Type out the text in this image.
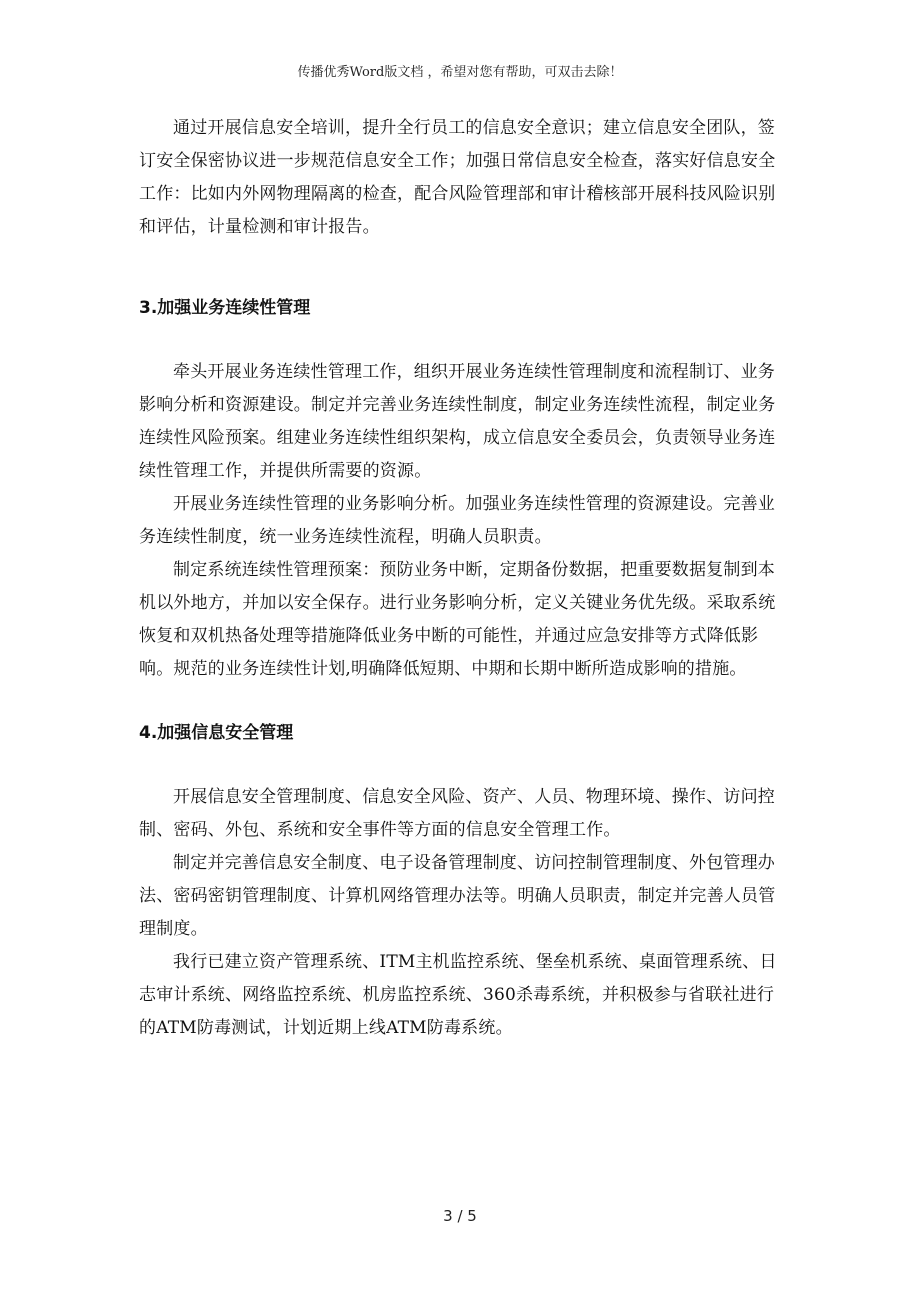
传播优秀Word版文档 ，希望对您有帮助，可双击去除！

通过开展信息安全培训，提升全行员工的信息安全意识；建立信息安全团队，签订安全保密协议进一步规范信息安全工作；加强日常信息安全检查，落实好信息安全工作：比如内外网物理隔离的检查，配合风险管理部和审计稽核部开展科技风险识别和评估，计量检测和审计报告。

3.加强业务连续性管理

牵头开展业务连续性管理工作，组织开展业务连续性管理制度和流程制订、业务影响分析和资源建设。制定并完善业务连续性制度，制定业务连续性流程，制定业务连续性风险预案。组建业务连续性组织架构，成立信息安全委员会，负责领导业务连续性管理工作，并提供所需要的资源。

开展业务连续性管理的业务影响分析。加强业务连续性管理的资源建设。完善业务连续性制度，统一业务连续性流程，明确人员职责。

制定系统连续性管理预案：预防业务中断，定期备份数据，把重要数据复制到本机以外地方，并加以安全保存。进行业务影响分析，定义关键业务优先级。采取系统恢复和双机热备处理等措施降低业务中断的可能性，并通过应急安排等方式降低影响。规范的业务连续性计划,明确降低短期、中期和长期中断所造成影响的措施。

4.加强信息安全管理

开展信息安全管理制度、信息安全风险、资产、人员、物理环境、操作、访问控制、密码、外包、系统和安全事件等方面的信息安全管理工作。

制定并完善信息安全制度、电子设备管理制度、访问控制管理制度、外包管理办法、密码密钥管理制度、计算机网络管理办法等。明确人员职责，制定并完善人员管理制度。

我行已建立资产管理系统、ITM主机监控系统、堡垒机系统、桌面管理系统、日志审计系统、网络监控系统、机房监控系统、360杀毒系统，并积极参与省联社进行的ATM防毒测试，计划近期上线ATM防毒系统。

3 / 5
